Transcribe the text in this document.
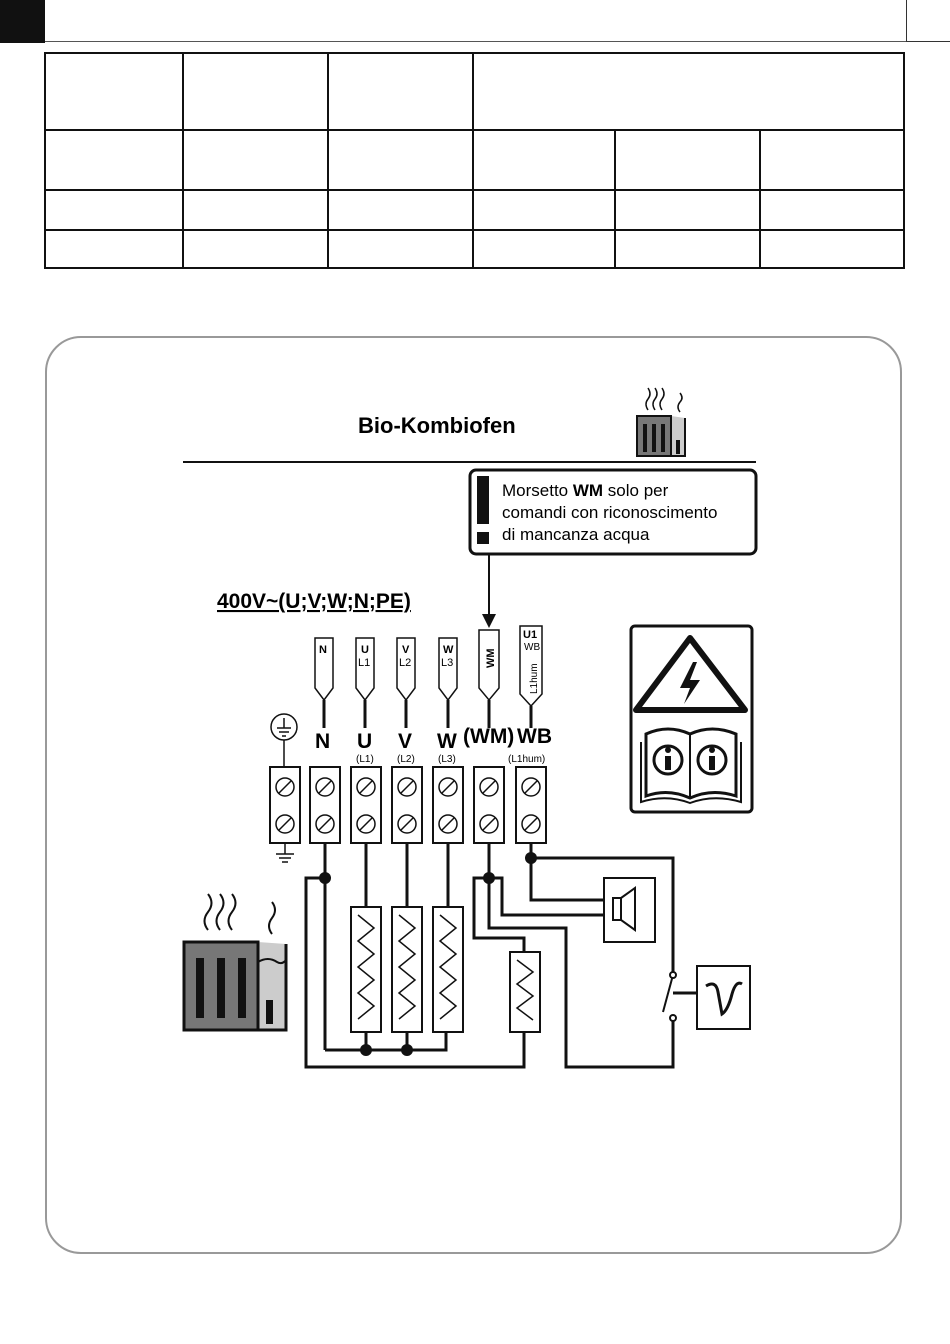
Bio-Kombiofen
Morsetto WM solo per
comandi con riconoscimento
di mancanza acqua
400V~(U;V;W;N;PE)
N	U
L1
V
L2
W
L3	WM
U1
WB
L1hum
N U V W (WM) WB
(L1) (L2) (L3)	(L1hum)
